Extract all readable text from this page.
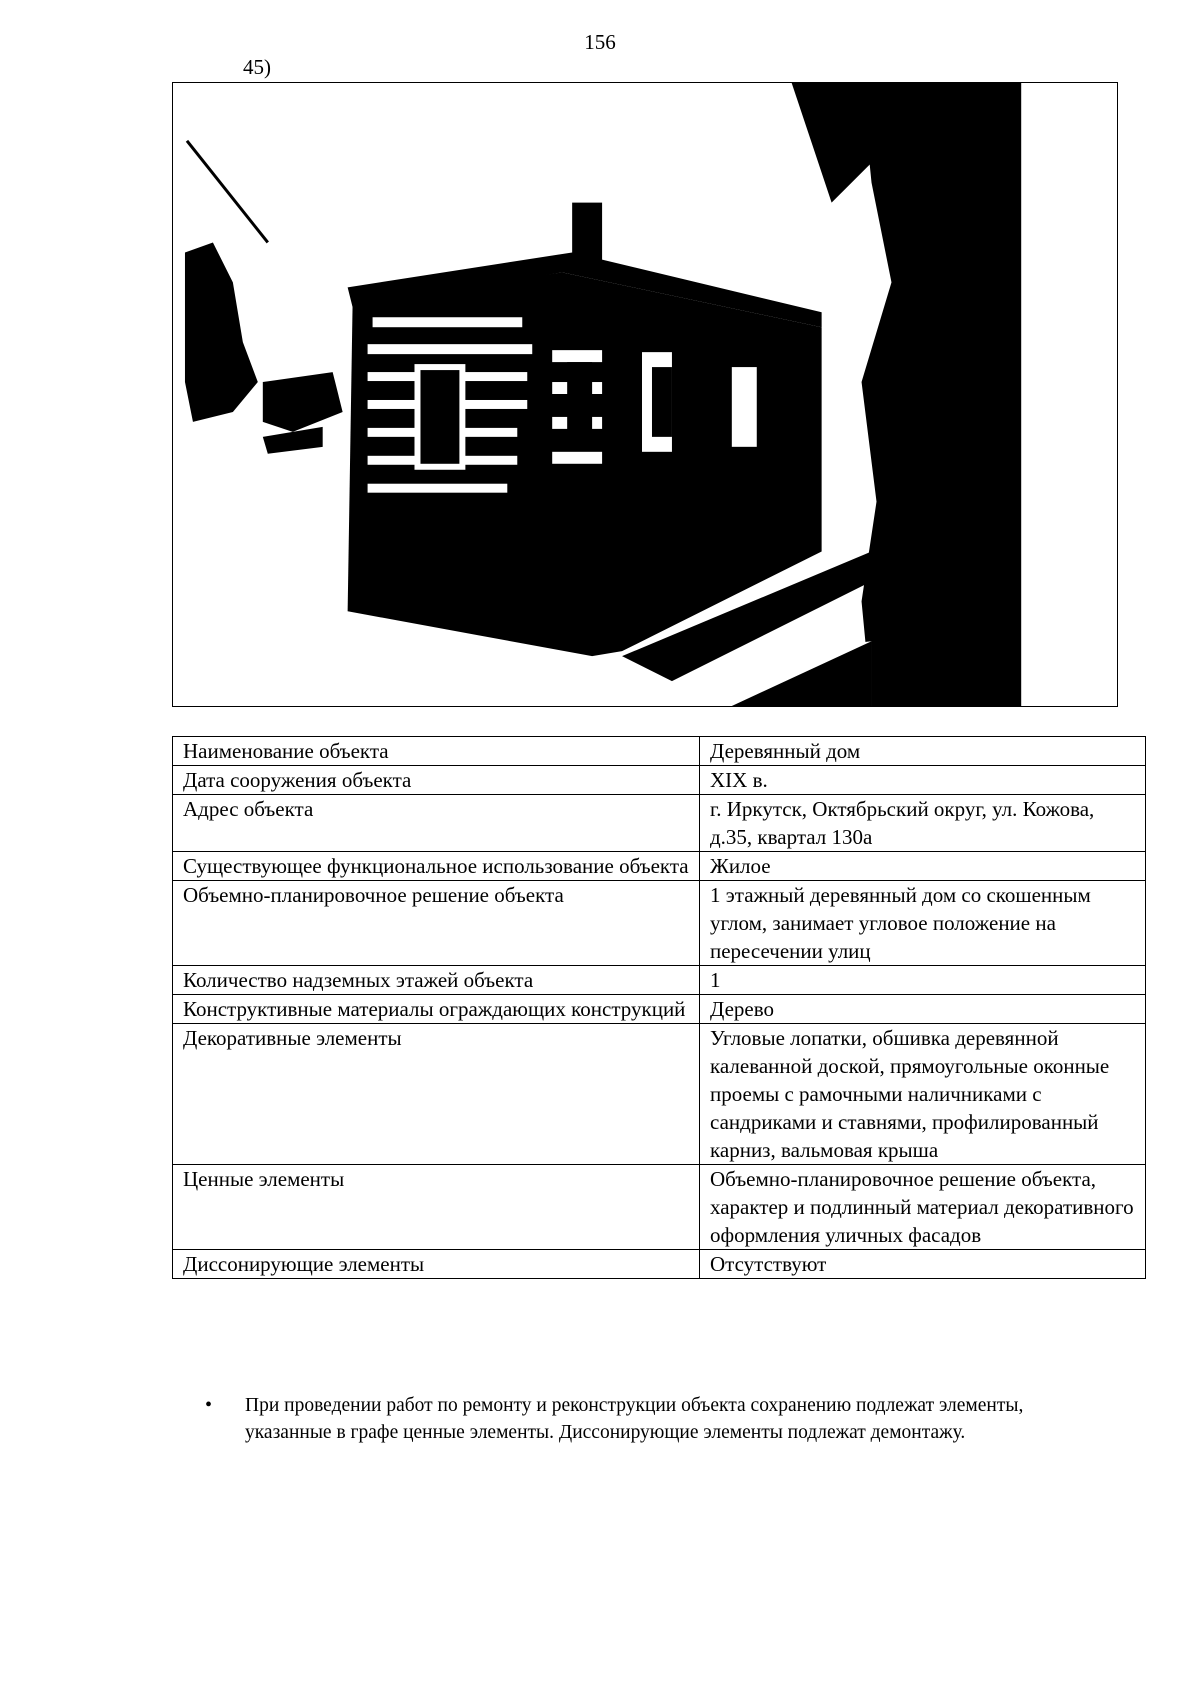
156
45)
Наименование объекта	Деревянный дом
Дата сооружения объекта	XIX в.
Адрес объекта	г. Иркутск, Октябрьский округ, ул. Кожова, д.35, квартал 130а
Существующее функциональное использование объекта	Жилое
Объемно-планировочное решение объекта	1 этажный деревянный дом со скошенным углом, занимает угловое положение на пересечении улиц
Количество надземных этажей объекта	1
Конструктивные материалы ограждающих конструкций	Дерево
Декоративные элементы	Угловые лопатки, обшивка деревянной калеванной доской, прямоугольные оконные проемы с рамочными наличниками с сандриками и ставнями, профилированный карниз, вальмовая крыша
Ценные элементы	Объемно-планировочное решение объекта, характер и подлинный материал декоративного оформления уличных фасадов
Диссонирующие элементы	Отсутствуют
• При проведении работ по ремонту и реконструкции объекта сохранению подлежат элементы, указанные в графе ценные элементы. Диссонирующие элементы подлежат демонтажу.
